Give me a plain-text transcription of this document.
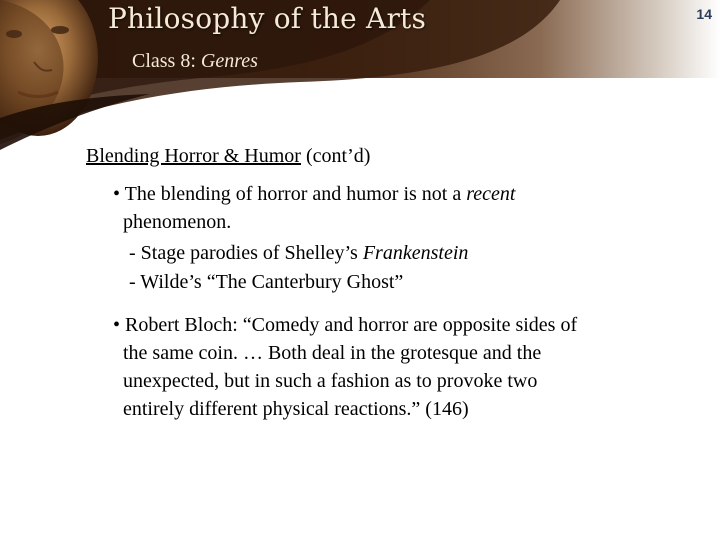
Philosophy of the Arts
Class 8: Genres
14
Blending Horror & Humor (cont’d)
• The blending of horror and humor is not a recent
phenomenon.
- Stage parodies of Shelley’s Frankenstein
- Wilde’s “The Canterbury Ghost”
• Robert Bloch: “Comedy and horror are opposite sides of
the same coin. … Both deal in the grotesque and the
unexpected, but in such a fashion as to provoke two
entirely different physical reactions.” (146)
